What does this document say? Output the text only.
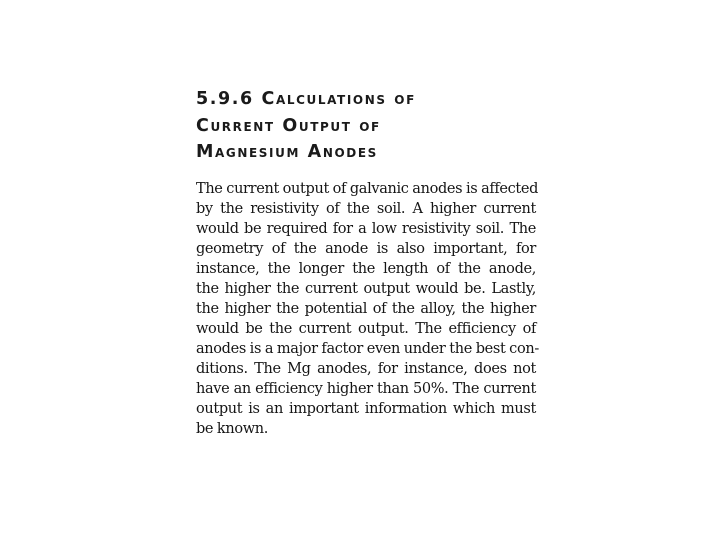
5.9.6 Calculations of
Current Output of
Magnesium Anodes

The current output of galvanic anodes is affected
by the resistivity of the soil. A higher current
would be required for a low resistivity soil. The
geometry of the anode is also important, for
instance, the longer the length of the anode,
the higher the current output would be. Lastly,
the higher the potential of the alloy, the higher
would be the current output. The efficiency of
anodes is a major factor even under the best con-
ditions. The Mg anodes, for instance, does not
have an efficiency higher than 50%. The current
output is an important information which must
be known.
